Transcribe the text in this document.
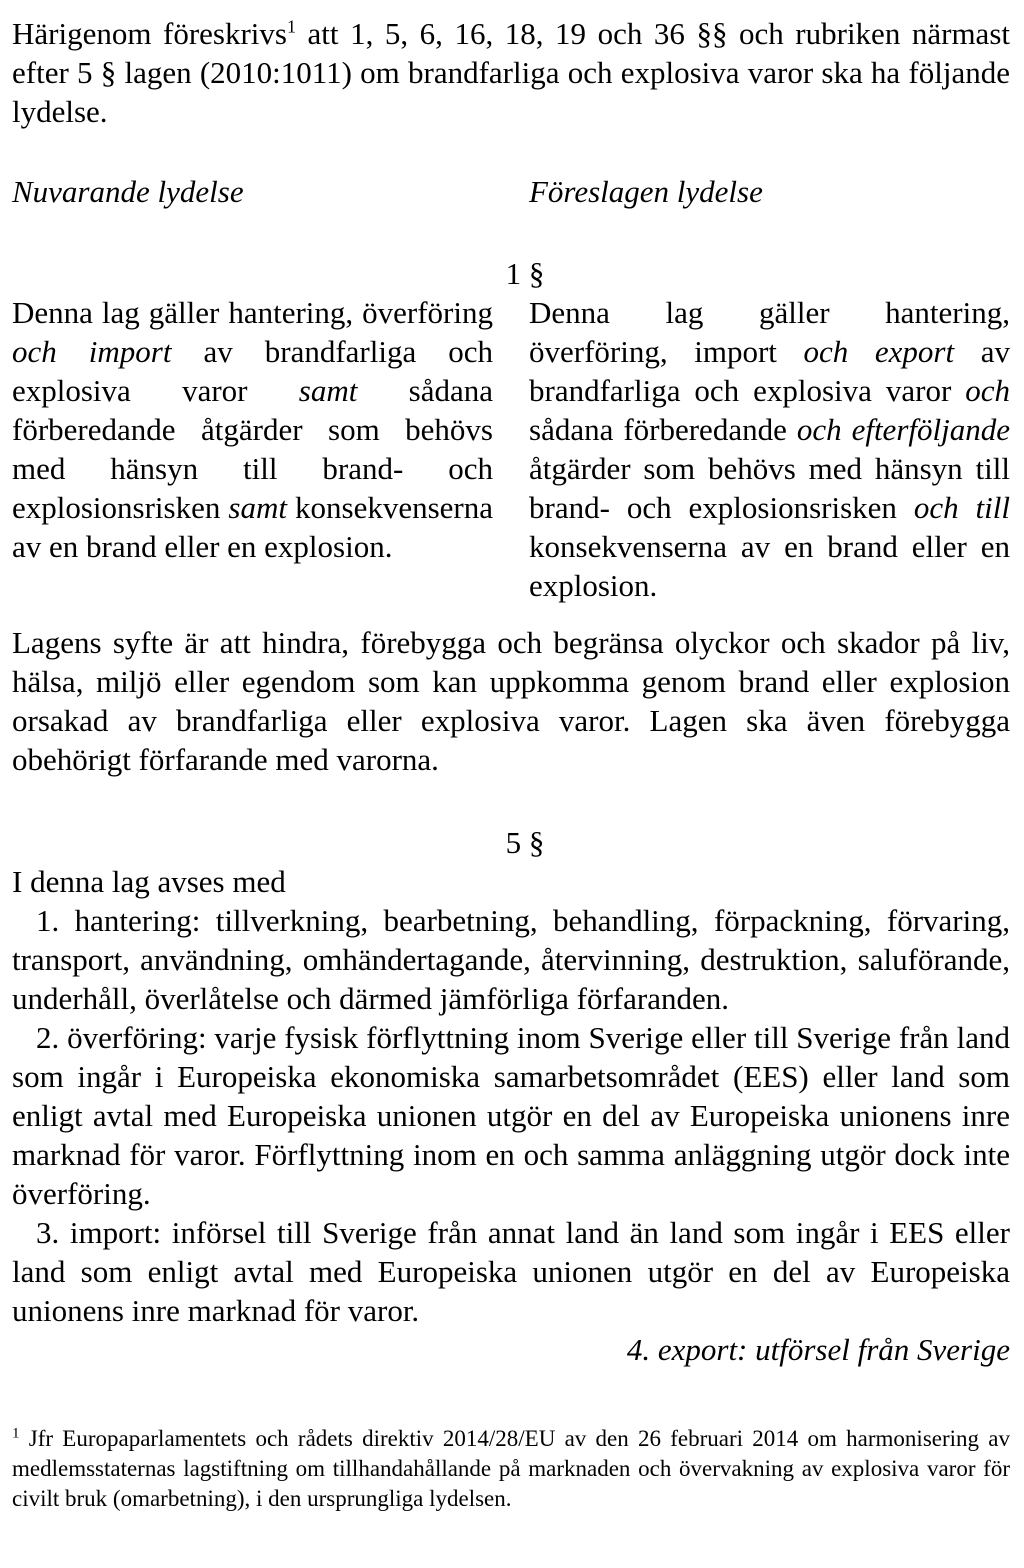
Härigenom föreskrivs$^1$ att 1, 5, 6, 16, 18, 19 och 36 §§ och rubriken närmast efter 5 § lagen (2010:1011) om brandfarliga och explosiva varor ska ha följande lydelse.

Nuvarande lydelse	Föreslagen lydelse
1 §

Denna lag gäller hantering, överföring och import av brandfarliga och explosiva varor samt sådana förberedande åtgärder som behövs med hänsyn till brand- och explosionsrisken samt konsekvenserna av en brand eller en explosion.

Denna lag gäller hantering, överföring, import och export av brandfarliga och explosiva varor och sådana förberedande och efterföljande åtgärder som behövs med hänsyn till brand- och explosionsrisken och till konsekvenserna av en brand eller en explosion.

Lagens syfte är att hindra, förebygga och begränsa olyckor och skador på liv, hälsa, miljö eller egendom som kan uppkomma genom brand eller explosion orsakad av brandfarliga eller explosiva varor. Lagen ska även förebygga obehörigt förfarande med varorna.

5 §

I denna lag avses med

1. hantering: tillverkning, bearbetning, behandling, förpackning, förvaring, transport, användning, omhändertagande, återvinning, destruktion, saluförande, underhåll, överlåtelse och därmed jämförliga förfaranden.

2. överföring: varje fysisk förflyttning inom Sverige eller till Sverige från land som ingår i Europeiska ekonomiska samarbetsområdet (EES) eller land som enligt avtal med Europeiska unionen utgör en del av Europeiska unionens inre marknad för varor. Förflyttning inom en och samma anläggning utgör dock inte överföring.

3. import: införsel till Sverige från annat land än land som ingår i EES eller land som enligt avtal med Europeiska unionen utgör en del av Europeiska unionens inre marknad för varor.

4. export: utförsel från Sverige

$^1$ Jfr Europaparlamentets och rådets direktiv 2014/28/EU av den 26 februari 2014 om harmonisering av medlemsstaternas lagstiftning om tillhandahållande på marknaden och övervakning av explosiva varor för civilt bruk (omarbetning), i den ursprungliga lydelsen.
